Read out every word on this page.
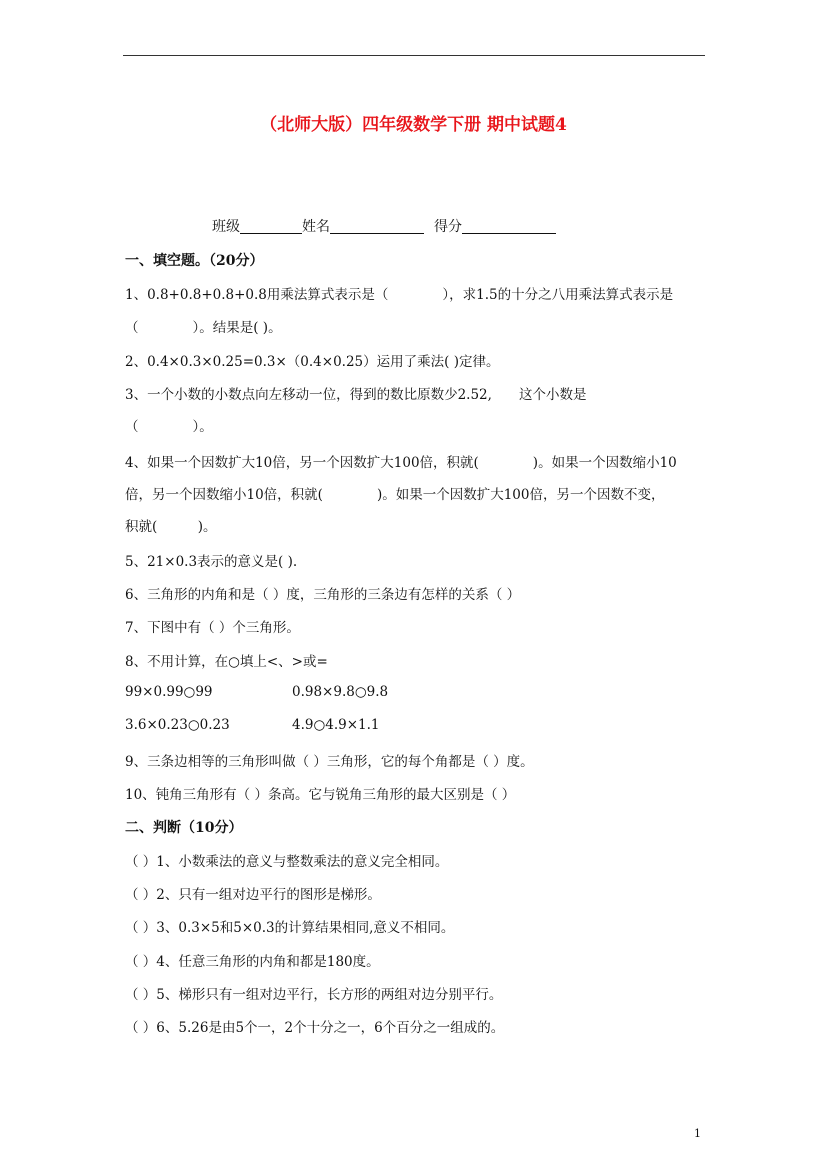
（北师大版）四年级数学下册 期中试题4
班级	姓名	得分
一、填空题。（20分）
1、0.8+0.8+0.8+0.8用乘法算式表示是（　　　　），求1.5的十分之八用乘法算式表示是
（　　　　）。结果是( )。
2、0.4×0.3×0.25=0.3×（0.4×0.25）运用了乘法( )定律。
3、一个小数的小数点向左移动一位，得到的数比原数少2.52,　　这个小数是
（　　　　）。
4、如果一个因数扩大10倍，另一个因数扩大100倍，积就(　　　　)。如果一个因数缩小10
倍，另一个因数缩小10倍，积就(　　　　)。如果一个因数扩大100倍，另一个因数不变，
积就(　　　)。
5、21×0.3表示的意义是( ).
6、三角形的内角和是（ ）度，三角形的三条边有怎样的关系（ ）
7、下图中有（ ）个三角形。
8、不用计算，在○填上<、>或=
99×0.99○99	0.98×9.8○9.8
3.6×0.23○0.23	4.9○4.9×1.1
9、三条边相等的三角形叫做（ ）三角形，它的每个角都是（ ）度。
10、钝角三角形有（ ）条高。它与锐角三角形的最大区别是（ ）
二、判断（10分）
（ ）1、小数乘法的意义与整数乘法的意义完全相同。
（ ）2、只有一组对边平行的图形是梯形。
（ ）3、0.3×5和5×0.3的计算结果相同,意义不相同。
（ ）4、任意三角形的内角和都是180度。
（ ）5、梯形只有一组对边平行，长方形的两组对边分别平行。
（ ）6、5.26是由5个一，2个十分之一，6个百分之一组成的。
1
